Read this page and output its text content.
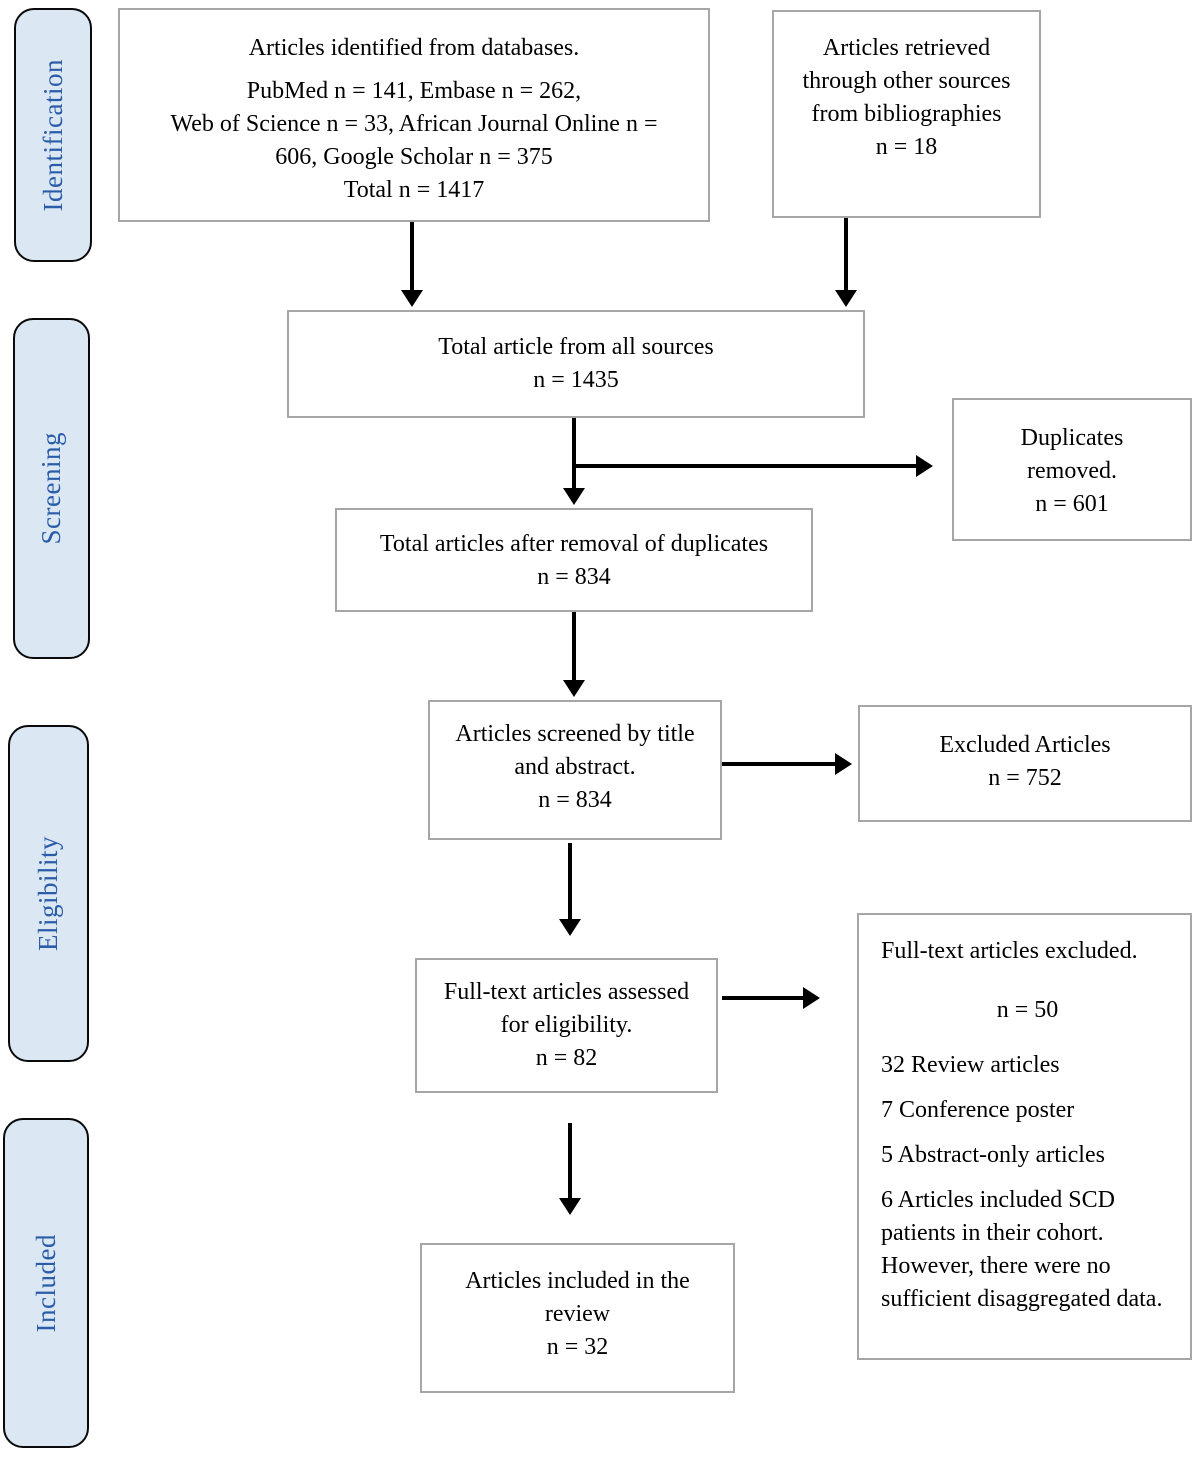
Identification
Screening
Eligibility
Included
Articles identified from databases.
PubMed n = 141, Embase n = 262,
Web of Science n = 33, African Journal Online n =
606, Google Scholar n = 375
Total n = 1417
Articles retrieved
through other sources
from bibliographies
n = 18
Total article from all sources
n = 1435
Duplicates
removed.
n = 601
Total articles after removal of duplicates
n = 834
Articles screened by title
and abstract.
n = 834
Excluded Articles
n = 752
Full-text articles assessed
for eligibility.
n = 82
Full-text articles excluded.
n = 50
32 Review articles
7 Conference poster
5 Abstract-only articles
6 Articles included SCD patients in their cohort. However, there were no sufficient disaggregated data.
Articles included in the
review
n = 32
